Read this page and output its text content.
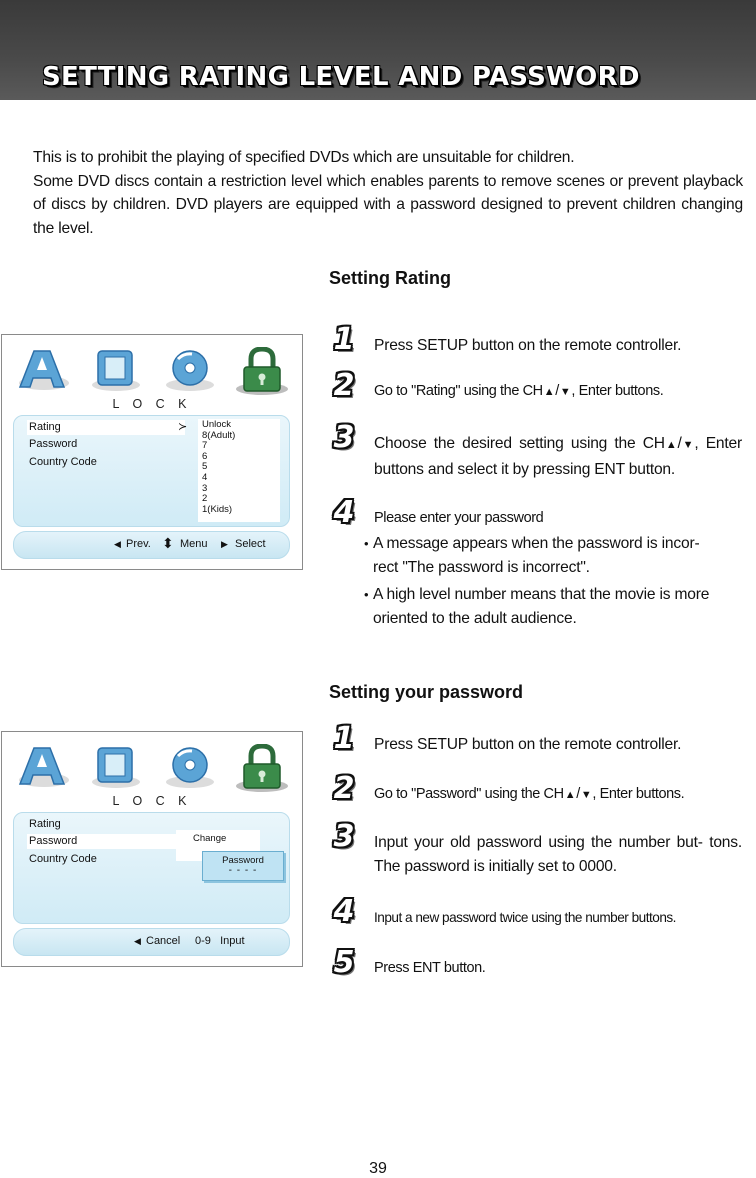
SETTING RATING LEVEL AND PASSWORD

This is to prohibit the playing of specified DVDs which are unsuitable for children.

Some DVD discs contain a restriction level which enables parents to remove scenes or prevent playback of discs by children. DVD players are equipped with a password designed to prevent children changing the level.

Setting Rating
1 Press SETUP button on the remote controller.
2	Go to "Rating" using the CH▲/▼, Enter buttons.
3 Choose the desired setting using the CH▲/▼, Enter buttons and select it by pressing ENT button.
4	Please enter your password
• A message appears when the password is incor-
rect "The password is incorrect".
• A high level number means that the movie is more
oriented to the adult audience.
L O C K
Rating	≻
Password
Country Code
Unlock
8(Adult)
7
6
5
4
3
2
1(Kids)
◀ Prev. ⬍ Menu ▶ Select
Setting your password
1 Press SETUP button on the remote controller.
2	Go to "Password" using the CH▲/▼, Enter buttons.
3 Input your old password using the number but- tons. The password is initially set to 0000.
4	Input a new password twice using the number buttons.
5	Press ENT button.
L O C K
Rating
Password
Country Code
Change
Password
- - - -
◀ Cancel 0-9   Input
39
